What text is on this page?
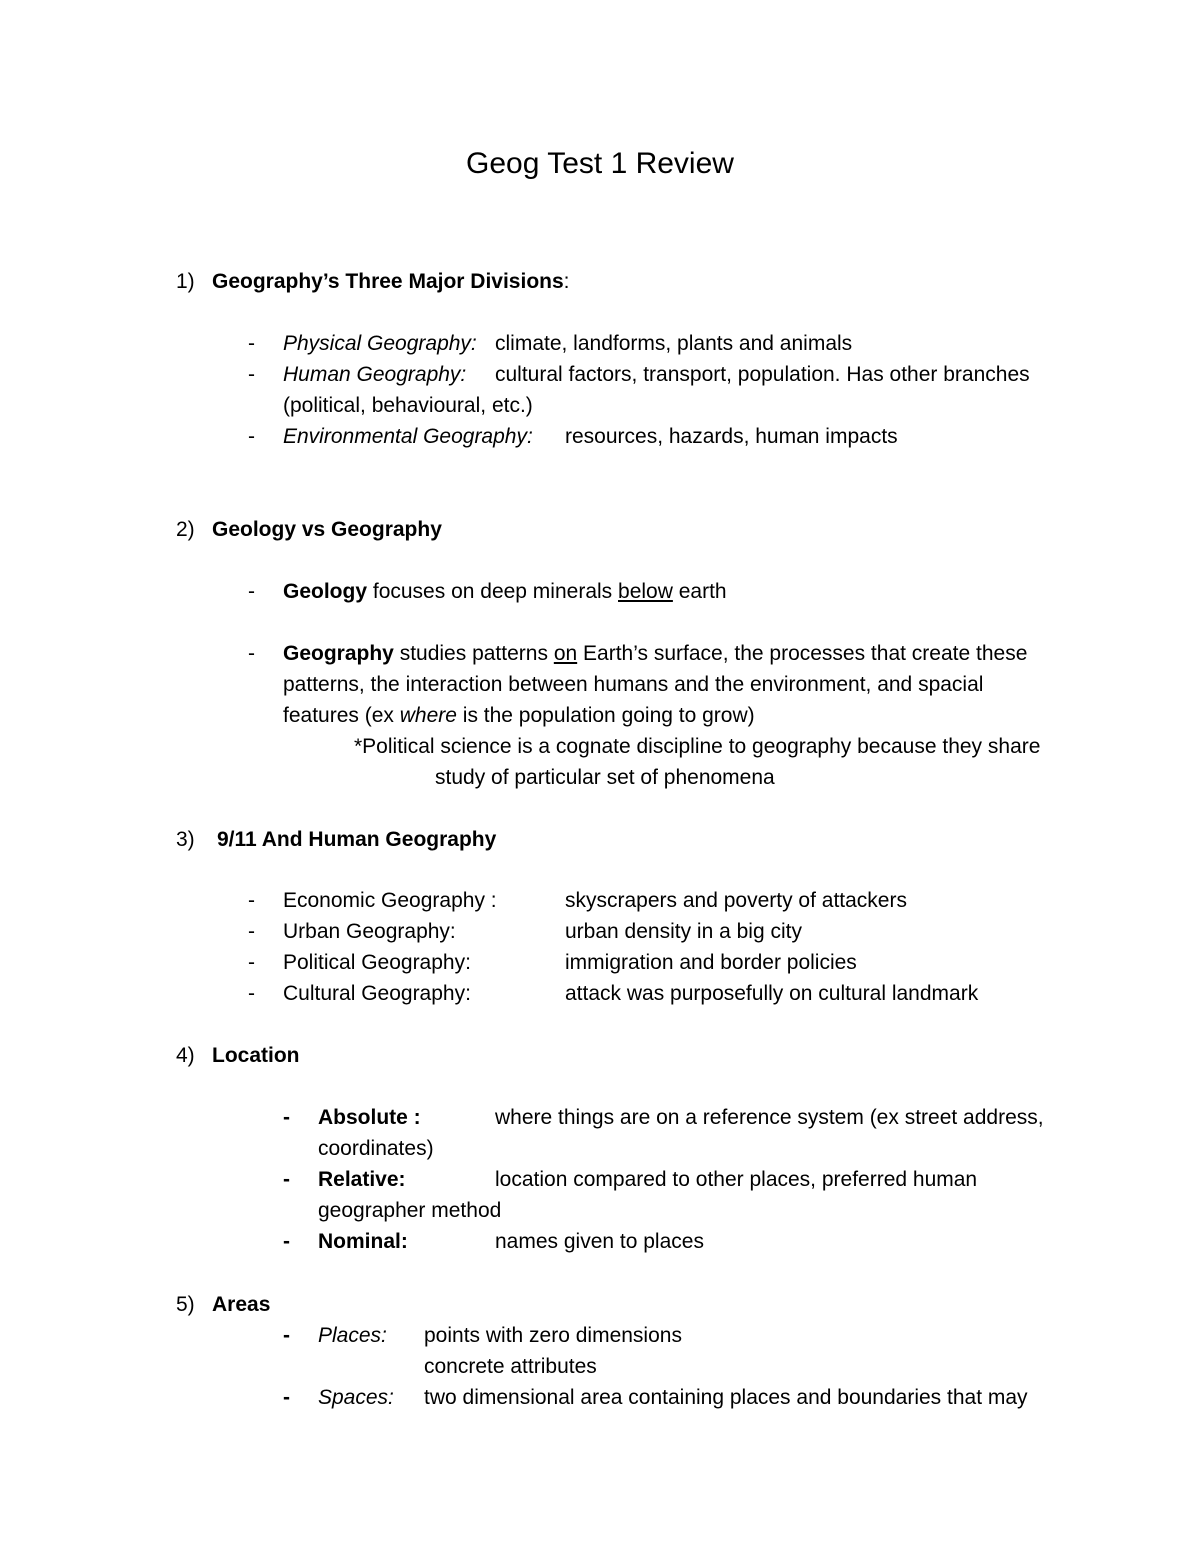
Geog Test 1 Review
1) Geography’s Three Major Divisions:
- Physical Geography: climate, landforms, plants and animals
- Human Geography: cultural factors, transport, population. Has other branches
(political, behavioural, etc.)
- Environmental Geography: resources, hazards, human impacts
2) Geology vs Geography
- Geology focuses on deep minerals below earth
- Geography studies patterns on Earth’s surface, the processes that create these
patterns, the interaction between humans and the environment, and spacial
features (ex where is the population going to grow)
*Political science is a cognate discipline to geography because they share
study of particular set of phenomena
3) 9/11 And Human Geography
- Economic Geography :	skyscrapers and poverty of attackers
- Urban Geography:	urban density in a big city
- Political Geography:	immigration and border policies
- Cultural Geography:	attack was purposefully on cultural landmark
4) Location
- Absolute :	where things are on a reference system (ex street address,
coordinates)
- Relative:	location compared to other places, preferred human
geographer method
- Nominal:	names given to places
5) Areas
- Places: points with zero dimensions
concrete attributes
- Spaces: two dimensional area containing places and boundaries that may
